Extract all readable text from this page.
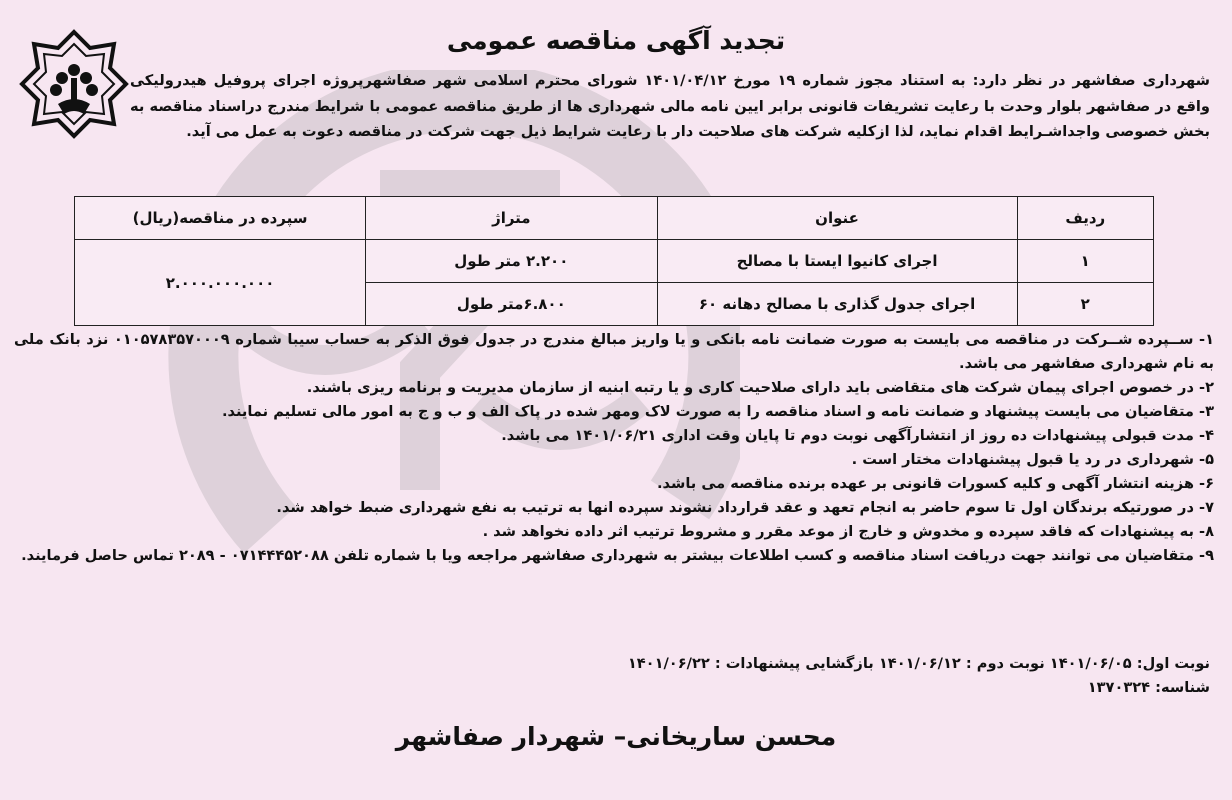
تجدید آگهی مناقصه عمومی
شهرداری صفاشهر در نظر دارد: به استناد مجوز شماره ۱۹ مورخ ۱۴۰۱/۰۴/۱۲ شورای محترم اسلامی شهر صفاشهرپروژه اجرای پروفیل هیدرولیکی واقع در صفاشهر بلوار وحدت با رعایت تشریفات قانونی برابر ایین نامه مالی شهرداری ها از طریق مناقصه عمومی با شرایط مندرج دراسناد مناقصه به بخش خصوصی واجداشـرایط اقدام نماید، لذا ازکلیه شرکت های صلاحیت دار با رعایت شرایط ذیل جهت شرکت در مناقصه دعوت به عمل می آید.
ردیف	عنوان	متراژ	سپرده در مناقصه(ریال)
۱	اجرای کانیوا ایستا با مصالح	۲.۲۰۰ متر طول	۲.۰۰۰.۰۰۰.۰۰۰
۲	اجرای جدول گذاری با مصالح دهانه ۶۰	۶.۸۰۰متر طول	

۱- ســپرده شــرکت در مناقصه می بایست به صورت ضمانت نامه بانکی و یا واریز مبالغ مندرج در جدول فوق الذکر به حساب سیبا شماره ۰۱۰۵۷۸۳۵۷۰۰۰۹ نزد بانک ملی به نام شهرداری صفاشهر می باشد.

۲- در خصوص اجرای پیمان شرکت های متقاضی باید دارای صلاحیت کاری و یا رتبه ابنیه از سازمان مدیریت و برنامه ریزی باشند.

۳- متقاضیان می بایست پیشنهاد و ضمانت نامه و اسناد مناقصه را به صورت لاک ومهر شده در پاک الف و ب و ج به امور مالی تسلیم نمایند.

۴- مدت قبولی پیشنهادات ده روز از انتشارآگهی نوبت دوم تا پایان وقت اداری ۱۴۰۱/۰۶/۲۱ می باشد.

۵- شهرداری در رد یا قبول پیشنهادات مختار است .

۶- هزینه انتشار آگهی و کلیه کسورات قانونی بر عهده برنده مناقصه می باشد.

۷- در صورتیکه برندگان اول تا سوم حاضر به انجام تعهد و عقد قرارداد نشوند سپرده انها به ترتیب به نفع شهرداری ضبط خواهد شد.

۸- به پیشنهادات که فاقد سپرده و مخدوش و خارج از موعد مقرر و مشروط ترتیب اثر داده نخواهد شد .

۹- متقاضیان می توانند جهت دریافت اسناد مناقصه و کسب اطلاعات بیشتر به شهرداری صفاشهر مراجعه ویا با شماره تلفن ۰۷۱۴۴۴۵۲۰۸۸ - ۲۰۸۹ تماس حاصل فرمایند.

نوبت اول: ۱۴۰۱/۰۶/۰۵ نوبت دوم : ۱۴۰۱/۰۶/۱۲ بازگشایی پیشنهادات : ۱۴۰۱/۰۶/۲۲

شناسه: ۱۳۷۰۳۲۴

محسن ساریخانی– شهردار صفاشهر
